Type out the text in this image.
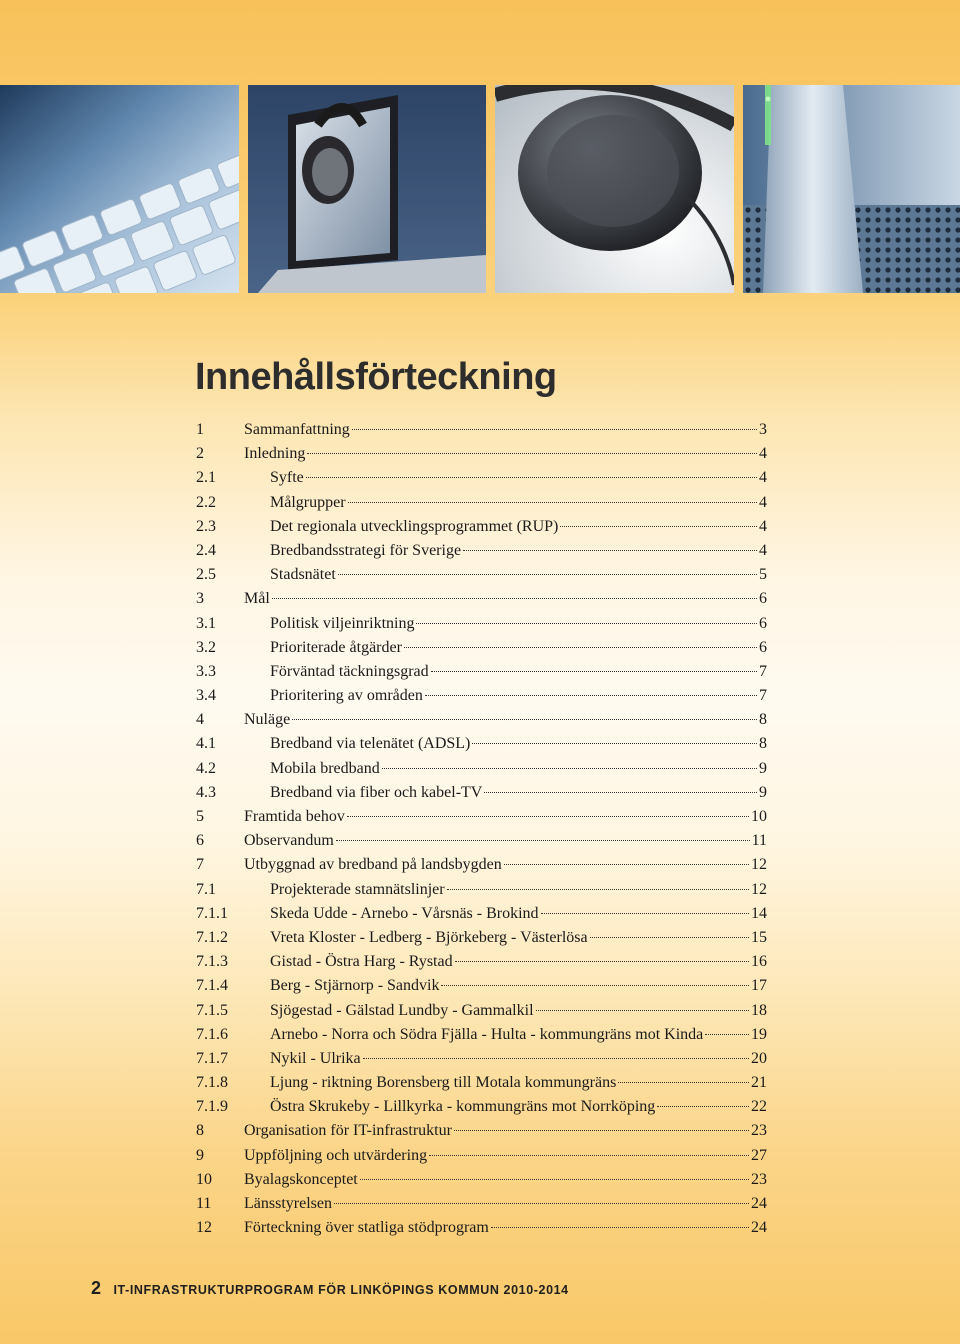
Innehållsförteckning
1	Sammanfattning	3
2	Inledning	4
2.1	Syfte	4
2.2	Målgrupper	4
2.3	Det regionala utvecklingsprogrammet (RUP)	4
2.4	Bredbandsstrategi för Sverige	4
2.5	Stadsnätet	5
3	Mål	6
3.1	Politisk viljeinriktning	6
3.2	Prioriterade åtgärder	6
3.3	Förväntad täckningsgrad	7
3.4	Prioritering av områden	7
4	Nuläge	8
4.1	Bredband via telenätet (ADSL)	8
4.2	Mobila bredband	9
4.3	Bredband via fiber och kabel-TV	9
5	Framtida behov	10
6	Observandum	11
7	Utbyggnad av bredband på landsbygden	12
7.1	Projekterade stamnätslinjer	12
7.1.1	Skeda Udde - Arnebo - Vårsnäs - Brokind	14
7.1.2	Vreta Kloster - Ledberg - Björkeberg - Västerlösa	15
7.1.3	Gistad - Östra Harg - Rystad	16
7.1.4	Berg - Stjärnorp - Sandvik	17
7.1.5	Sjögestad - Gälstad Lundby - Gammalkil	18
7.1.6	Arnebo - Norra och Södra Fjälla - Hulta - kommungräns mot Kinda	19
7.1.7	Nykil - Ulrika	20
7.1.8	Ljung - riktning Borensberg till Motala kommungräns	21
7.1.9	Östra Skrukeby - Lillkyrka - kommungräns mot Norrköping	22
8	Organisation för IT-infrastruktur	23
9	Uppföljning och utvärdering	27
10	Byalagskonceptet	23
11	Länsstyrelsen	24
12	Förteckning över statliga stödprogram	24
2 IT-INFRASTRUKTURPROGRAM FÖR LINKÖPINGS KOMMUN 2010-2014
